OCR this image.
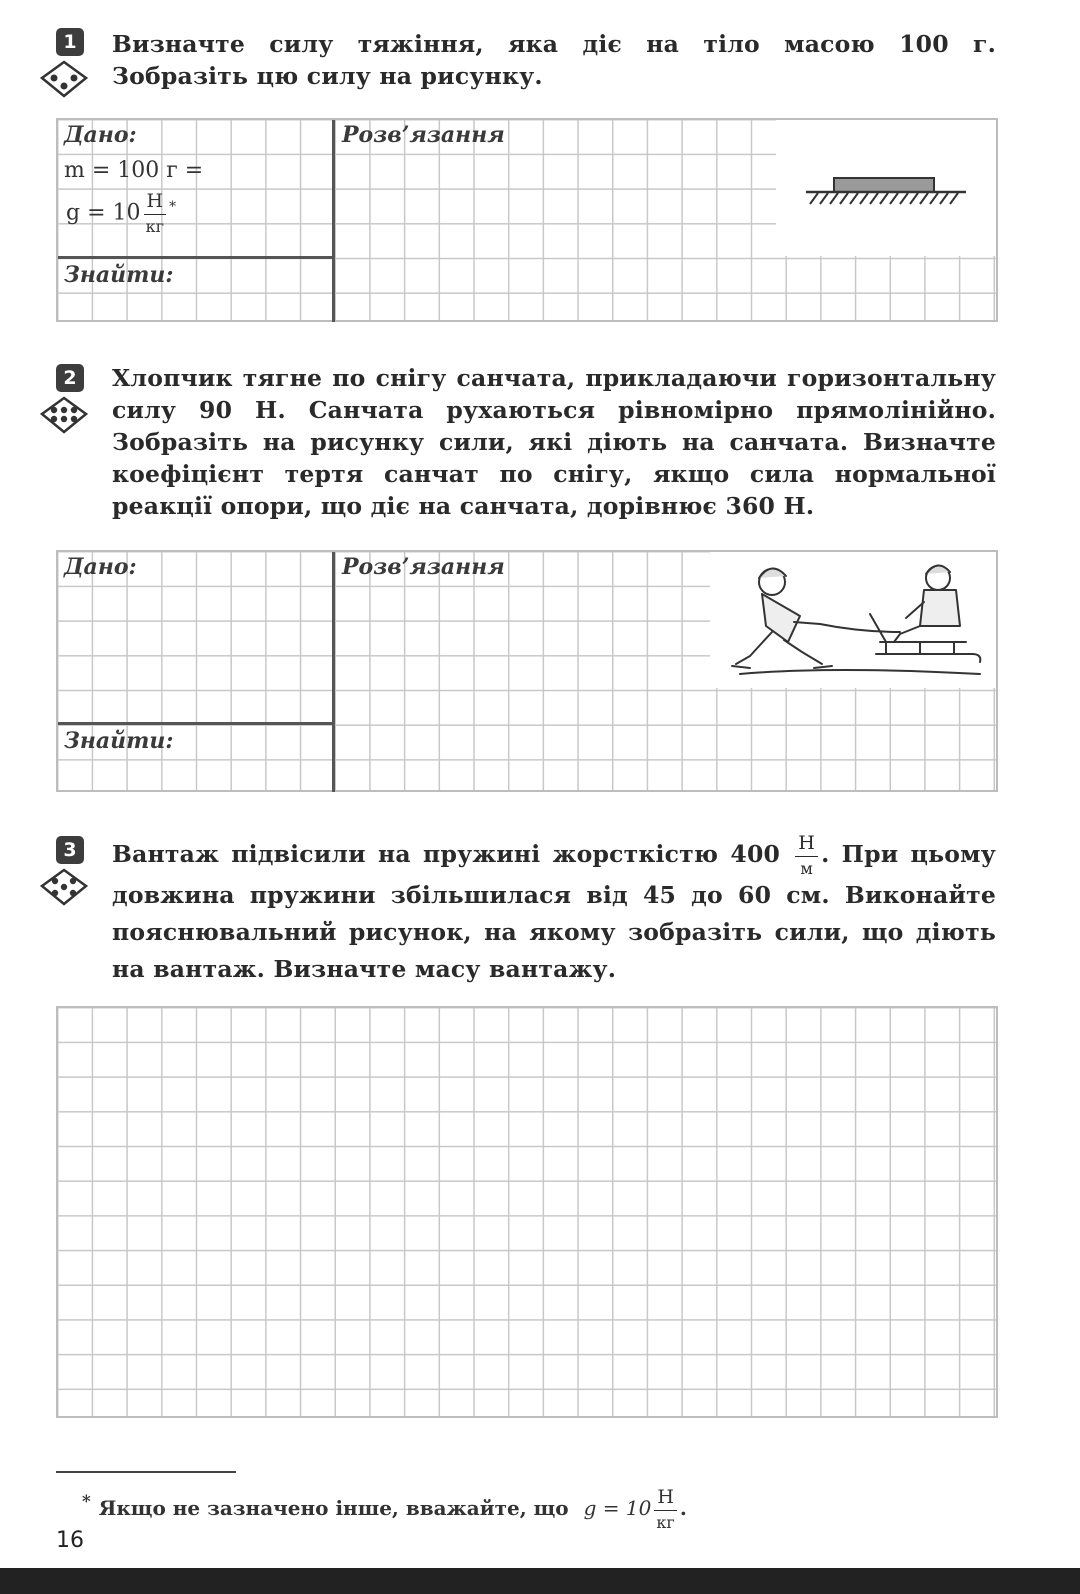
1	Визначте силу тяжіння, яка діє на тіло масою 100 г. Зобразіть цю силу на рисунку.
Дано:
m = 100 г =
$g = 10 \frac{Н}{кг} ^*$
Знайти:
Розв’язання
2	Хлопчик тягне по снігу санчата, прикладаючи горизонтальну силу 90 Н. Санчата рухаються рівномірно прямолінійно. Зобразіть на рисунку сили, які діють на санчата. Визначте коефіцієнт тертя санчат по снігу, якщо сила нормальної реакції опори, що діє на санчата, дорівнює 360 Н.
Дано:
Знайти:
Розв’язання
3	Вантаж підвісили на пружині жорсткістю $400 \frac{Н}{м}$ . При цьому довжина пружини збільшилася від 45 до 60 см. Виконайте пояснювальний рисунок, на якому зобразіть сили, що діють на вантаж. Визначте масу вантажу.
* Якщо не зазначено інше, вважайте, що $g = 10 \frac{Н}{кг}$ .
16
